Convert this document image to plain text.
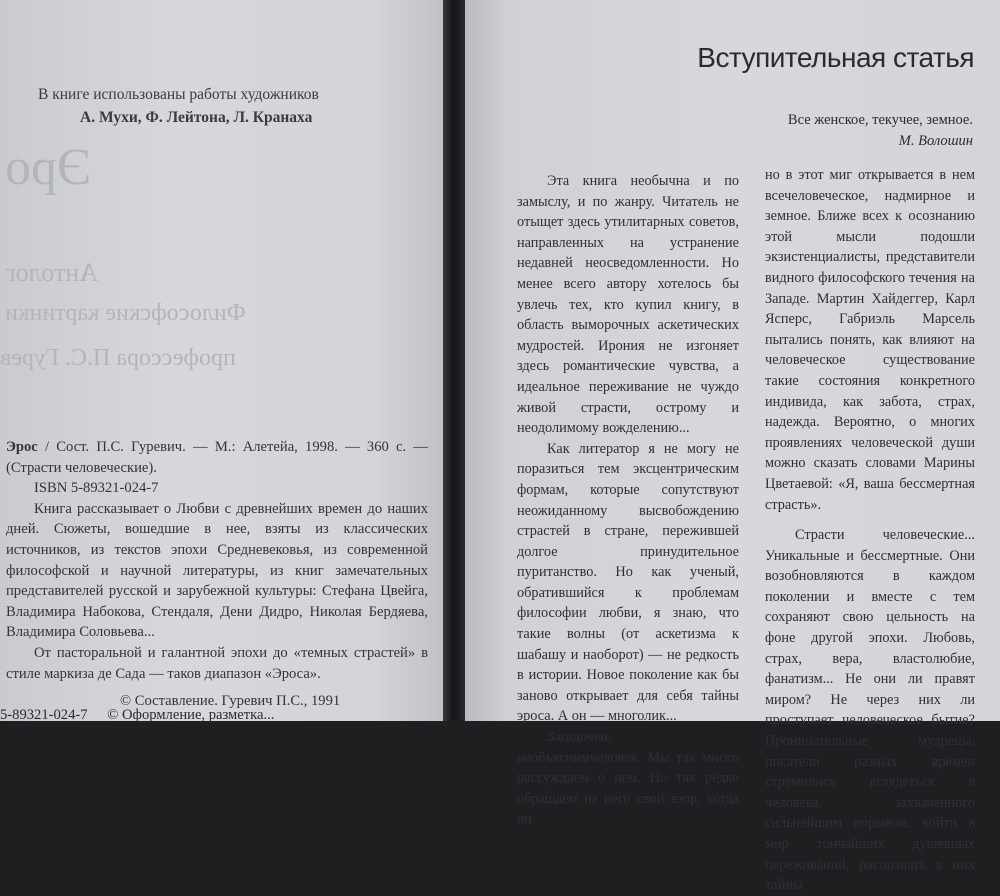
Эро
Антолог
Философские картинки
профессора П.С. Гурев
В книге использованы работы художников
А. Мухи, Ф. Лейтона, Л. Кранаха

Эрос / Сост. П.С. Гуревич. — М.: Алетейа, 1998. — 360 с. — (Страсти человеческие).

ISBN 5-89321-024-7

Книга рассказывает о Любви с древнейших времен до наших дней. Сюжеты, вошедшие в нее, взяты из классических источников, из текстов эпохи Средневековья, из современной философской и научной литературы, из книг замечательных представителей русской и зарубежной культуры: Стефана Цвейга, Владимира Набокова, Стендаля, Дени Дидро, Николая Бердяева, Владимира Соловьева...

От пасторальной и галантной эпохи до «темных страстей» в стиле маркиза де Сада — таков диапазон «Эроса».

© Составление. Гуревич П.С., 1991
5-89321-024-7 © Оформление, разметка...
Вступительная статья
Все женское, текучее, земное.
М. Волошин

Эта книга необычна и по замыслу, и по жанру. Читатель не отыщет здесь утилитарных советов, направленных на устранение недавней неосведомленности. Но менее всего автору хотелось бы увлечь тех, кто купил книгу, в область выморочных аскетических мудростей. Ирония не изгоняет здесь романтические чувства, а идеальное переживание не чуждо живой страсти, острому и неодолимому вожделению...

Как литератор я не могу не поразиться тем эксцентрическим формам, которые сопутствуют неожиданному высвобождению страстей в стране, пережившей долгое принудительное пуританство. Но как ученый, обратившийся к проблемам философии любви, я знаю, что такие волны (от аскетизма к шабашу и наоборот) — не редкость в истории. Новое поколение как бы заново открывает для себя тайны эроса. А он — многолик...

Загадочен, необъяснимчеловек. Мы так много рассуждаем о нем. Но так редко обращаем на него свой взор, когда он

но в этот миг открывается в нем всечеловеческое, надмирное и земное. Ближе всех к осознанию этой мысли подошли экзистенциалисты, представители видного философского течения на Западе. Мартин Хайдеггер, Карл Ясперс, Габриэль Марсель пытались понять, как влияют на человеческое существование такие состояния конкретного индивида, как забота, страх, надежда. Вероятно, о многих проявлениях человеческой души можно сказать словами Марины Цветаевой: «Я, ваша бессмертная страсть».

Страсти человеческие... Уникальные и бессмертные. Они возобновляются в каждом поколении и вместе с тем сохраняют свою цельность на фоне другой эпохи. Любовь, страх, вера, властолюбие, фанатизм... Не они ли правят миром? Не через них ли проступает человеческое бытие? Проницательные мудрецы, писатели разных времен стремились вглядеться в человека, захваченного сильнейшим порывом, войти в мир тончайших душевных переживаний, распознать в них тайны
